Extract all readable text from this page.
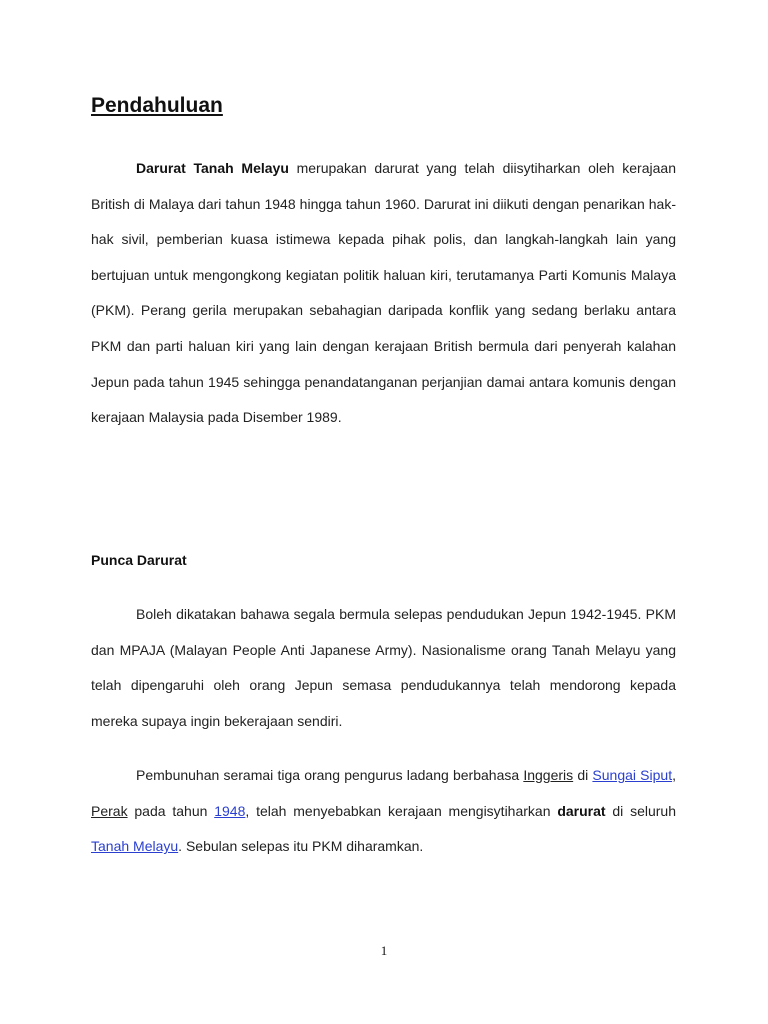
Pendahuluan

Darurat Tanah Melayu merupakan darurat yang telah diisytiharkan oleh kerajaan British di Malaya dari tahun 1948 hingga tahun 1960. Darurat ini diikuti dengan penarikan hak-hak sivil, pemberian kuasa istimewa kepada pihak polis, dan langkah-langkah lain yang bertujuan untuk mengongkong kegiatan politik haluan kiri, terutamanya Parti Komunis Malaya (PKM). Perang gerila merupakan sebahagian daripada konflik yang sedang berlaku antara PKM dan parti haluan kiri yang lain dengan kerajaan British bermula dari penyerah kalahan Jepun pada tahun 1945 sehingga penandatanganan perjanjian damai antara komunis dengan kerajaan Malaysia pada Disember 1989.

Punca Darurat

Boleh dikatakan bahawa segala bermula selepas pendudukan Jepun 1942-1945. PKM dan MPAJA (Malayan People Anti Japanese Army). Nasionalisme orang Tanah Melayu yang telah dipengaruhi oleh orang Jepun semasa pendudukannya telah mendorong kepada mereka supaya ingin bekerajaan sendiri.

Pembunuhan seramai tiga orang pengurus ladang berbahasa Inggeris di Sungai Siput, Perak pada tahun 1948, telah menyebabkan kerajaan mengisytiharkan darurat di seluruh Tanah Melayu. Sebulan selepas itu PKM diharamkan.

1
